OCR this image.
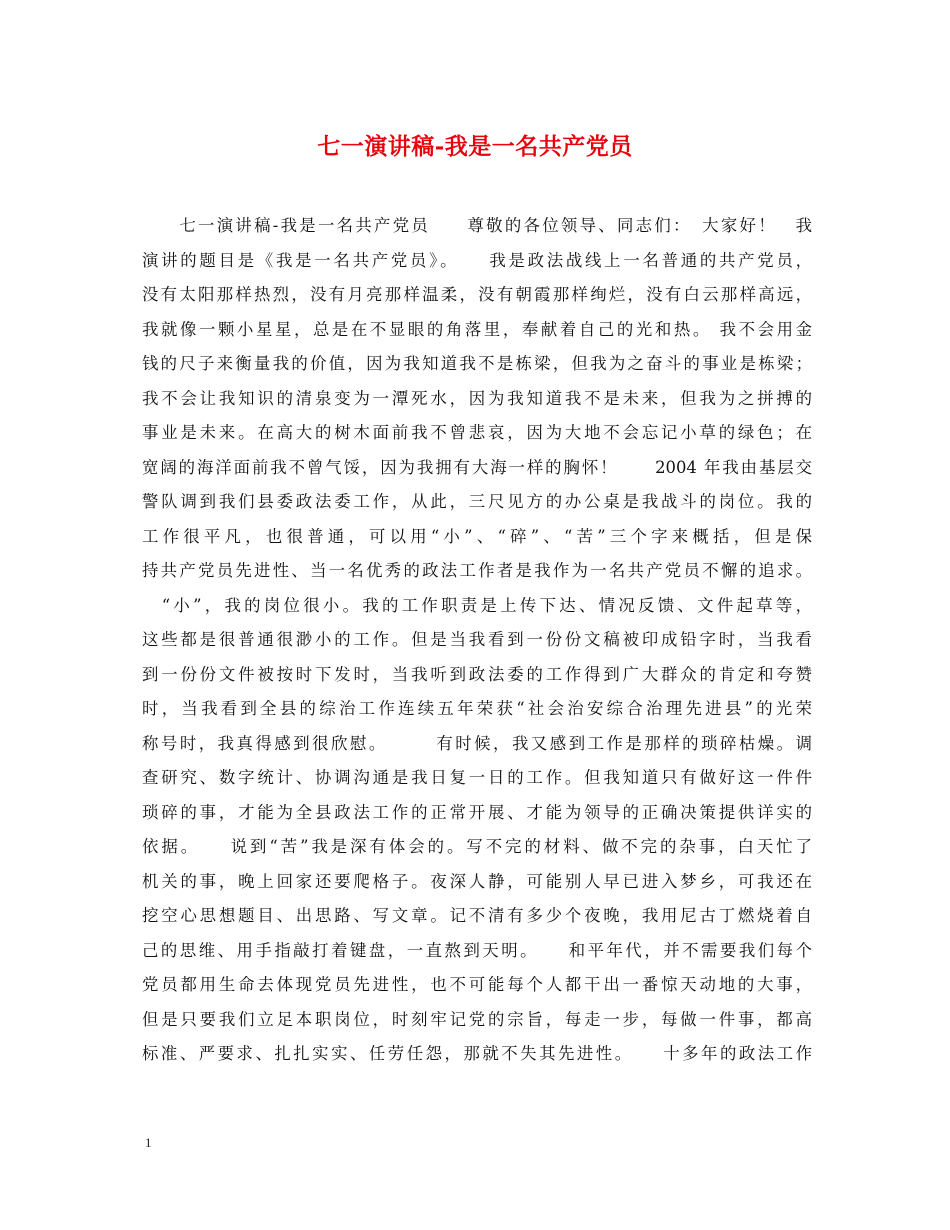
七一演讲稿-我是一名共产党员
　　七一演讲稿-我是一名共产党员　　尊敬的各位领导、同志们：　大家好！　我
演讲的题目是《我是一名共产党员》。　　我是政法战线上一名普通的共产党员，
没有太阳那样热烈，没有月亮那样温柔，没有朝霞那样绚烂，没有白云那样高远，
我就像一颗小星星，总是在不显眼的角落里，奉献着自己的光和热。 我不会用金
钱的尺子来衡量我的价值，因为我知道我不是栋梁，但我为之奋斗的事业是栋梁；
我不会让我知识的清泉变为一潭死水，因为我知道我不是未来，但我为之拼搏的
事业是未来。在高大的树木面前我不曾悲哀，因为大地不会忘记小草的绿色；在
宽阔的海洋面前我不曾气馁，因为我拥有大海一样的胸怀！　　2004 年我由基层交
警队调到我们县委政法委工作，从此，三尺见方的办公桌是我战斗的岗位。我的
工作很平凡，也很普通，可以用“小”、“碎”、“苦”三个字来概括，但是保
持共产党员先进性、当一名优秀的政法工作者是我作为一名共产党员不懈的追求。
　“小”，我的岗位很小。我的工作职责是上传下达、情况反馈、文件起草等，
这些都是很普通很渺小的工作。但是当我看到一份份文稿被印成铅字时，当我看
到一份份文件被按时下发时，当我听到政法委的工作得到广大群众的肯定和夸赞
时，当我看到全县的综治工作连续五年荣获“社会治安综合治理先进县”的光荣
称号时，我真得感到很欣慰。　　　有时候，我又感到工作是那样的琐碎枯燥。调
查研究、数字统计、协调沟通是我日复一日的工作。但我知道只有做好这一件件
琐碎的事，才能为全县政法工作的正常开展、才能为领导的正确决策提供详实的
依据。　　说到“苦”我是深有体会的。写不完的材料、做不完的杂事，白天忙了
机关的事，晚上回家还要爬格子。夜深人静，可能别人早已进入梦乡，可我还在
挖空心思想题目、出思路、写文章。记不清有多少个夜晚，我用尼古丁燃烧着自
己的思维、用手指敲打着键盘，一直熬到天明。　　和平年代，并不需要我们每个
党员都用生命去体现党员先进性，也不可能每个人都干出一番惊天动地的大事，
但是只要我们立足本职岗位，时刻牢记党的宗旨，每走一步，每做一件事，都高
标准、严要求、扎扎实实、任劳任怨，那就不失其先进性。　　十多年的政法工作
1
